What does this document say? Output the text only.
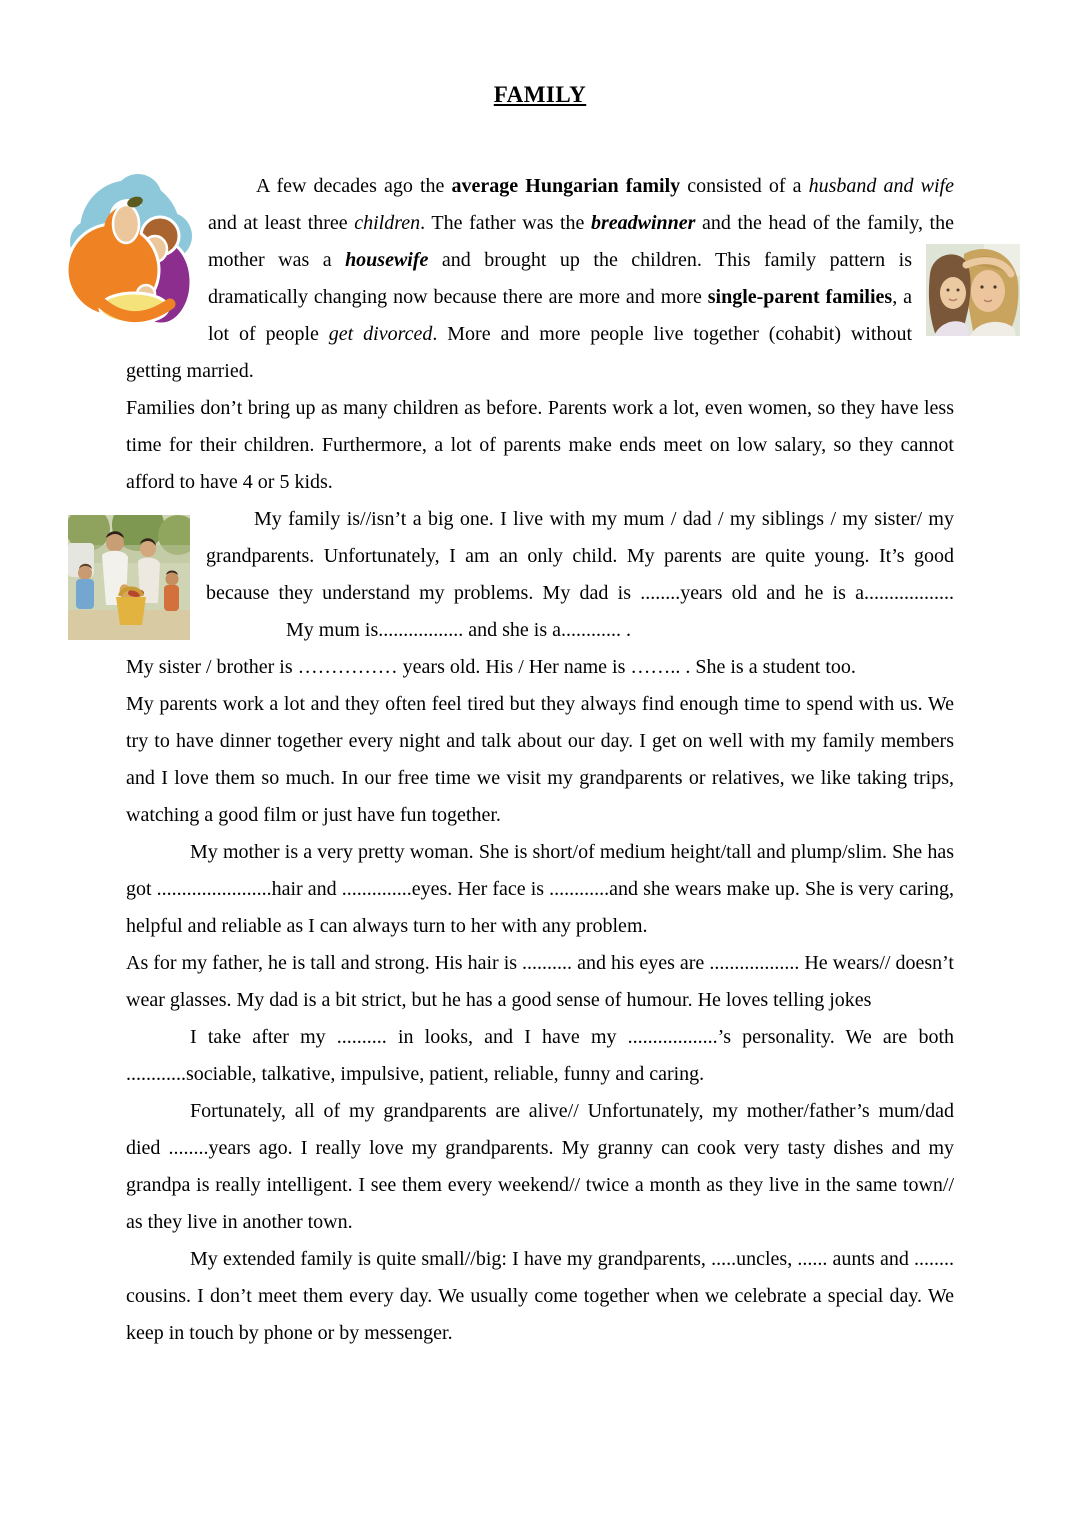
FAMILY

A few decades ago the average Hungarian family consisted of a husband and wife and at least three children. The father was the breadwinner and the head of the family, the mother was a housewife and brought up the children. This family pattern is dramatically changing now because there are more and more single-parent families, a lot of people get divorced. More and more people live together (cohabit) without getting married.

Families don’t bring up as many children as before. Parents work a lot, even women, so they have less time for their children. Furthermore, a lot of parents make ends meet on low salary, so they cannot afford to have 4 or 5 kids.

My family is//isn’t a big one. I live with my mum / dad / my siblings / my sister/ my grandparents. Unfortunately, I am an only child. My parents are quite young. It’s good because they understand my problems. My dad is ........years old and he is a..................My mum is................. and she is a............ .

My sister / brother is …………… years old. His / Her name is …….. . She is a student too.

My parents work a lot and they often feel tired but they always find enough time to spend with us. We try to have dinner together every night and talk about our day. I get on well with my family members and I love them so much. In our free time we visit my grandparents or relatives, we like taking trips, watching a good film or just have fun together.

My mother is a very pretty woman. She is short/of medium height/tall and plump/slim. She has got .......................hair and ..............eyes. Her face is ............and she wears make up. She is very caring, helpful and reliable as I can always turn to her with any problem.

As for my father, he is tall and strong. His hair is .......... and his eyes are .................. He wears// doesn’t wear glasses. My dad is a bit strict, but he has a good sense of humour. He loves telling jokes

I take after my .......... in looks, and I have my ..................’s personality. We are both ............sociable, talkative, impulsive, patient, reliable, funny and caring.

Fortunately, all of my grandparents are alive// Unfortunately, my mother/father’s mum/dad died ........years ago. I really love my grandparents. My granny can cook very tasty dishes and my grandpa is really intelligent. I see them every weekend// twice a month as they live in the same town// as they live in another town.

My extended family is quite small//big: I have my grandparents, .....uncles, ...... aunts and ........ cousins. I don’t meet them every day. We usually come together when we celebrate a special day. We keep in touch by phone or by messenger.
